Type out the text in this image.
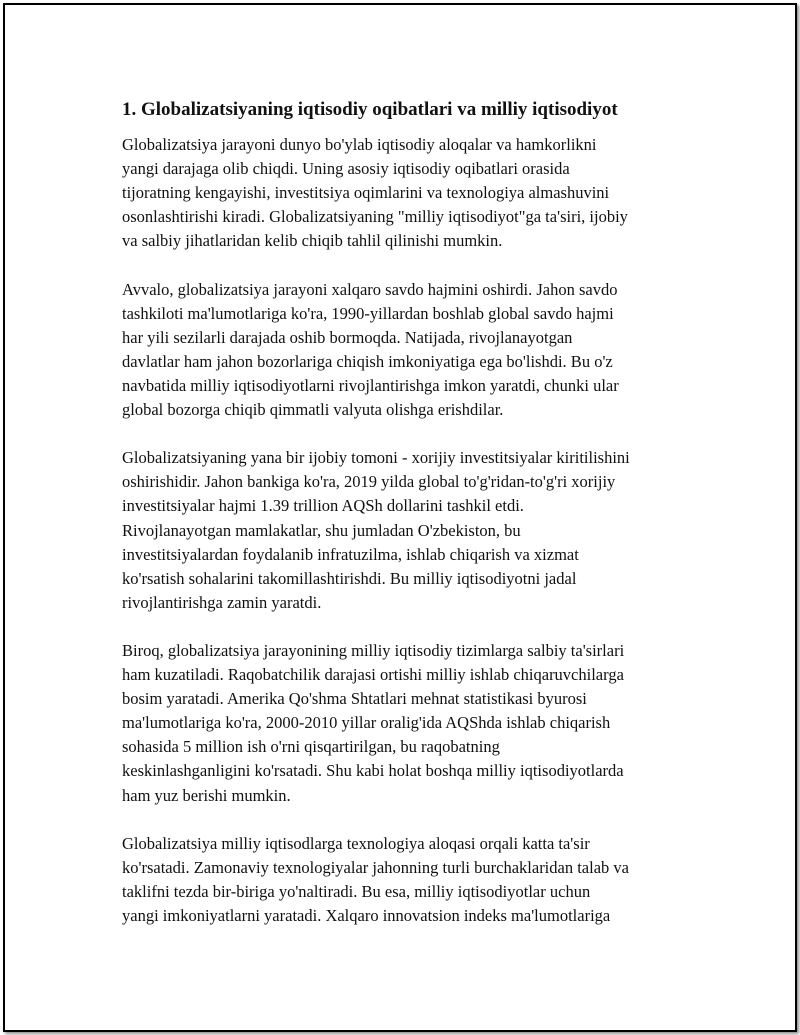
1. Globalizatsiyaning iqtisodiy oqibatlari va milliy iqtisodiyot
Globalizatsiya jarayoni dunyo bo'ylab iqtisodiy aloqalar va hamkorlikni
yangi darajaga olib chiqdi. Uning asosiy iqtisodiy oqibatlari orasida
tijoratning kengayishi, investitsiya oqimlarini va texnologiya almashuvini
osonlashtirishi kiradi. Globalizatsiyaning "milliy iqtisodiyot"ga ta'siri, ijobiy
va salbiy jihatlaridan kelib chiqib tahlil qilinishi mumkin.
Avvalo, globalizatsiya jarayoni xalqaro savdo hajmini oshirdi. Jahon savdo
tashkiloti ma'lumotlariga ko'ra, 1990-yillardan boshlab global savdo hajmi
har yili sezilarli darajada oshib bormoqda. Natijada, rivojlanayotgan
davlatlar ham jahon bozorlariga chiqish imkoniyatiga ega bo'lishdi. Bu o'z
navbatida milliy iqtisodiyotlarni rivojlantirishga imkon yaratdi, chunki ular
global bozorga chiqib qimmatli valyuta olishga erishdilar.
Globalizatsiyaning yana bir ijobiy tomoni - xorijiy investitsiyalar kiritilishini
oshirishidir. Jahon bankiga ko'ra, 2019 yilda global to'g'ridan-to'g'ri xorijiy
investitsiyalar hajmi 1.39 trillion AQSh dollarini tashkil etdi.
Rivojlanayotgan mamlakatlar, shu jumladan O'zbekiston, bu
investitsiyalardan foydalanib infratuzilma, ishlab chiqarish va xizmat
ko'rsatish sohalarini takomillashtirishdi. Bu milliy iqtisodiyotni jadal
rivojlantirishga zamin yaratdi.
Biroq, globalizatsiya jarayonining milliy iqtisodiy tizimlarga salbiy ta'sirlari
ham kuzatiladi. Raqobatchilik darajasi ortishi milliy ishlab chiqaruvchilarga
bosim yaratadi. Amerika Qo'shma Shtatlari mehnat statistikasi byurosi
ma'lumotlariga ko'ra, 2000-2010 yillar oralig'ida AQShda ishlab chiqarish
sohasida 5 million ish o'rni qisqartirilgan, bu raqobatning
keskinlashganligini ko'rsatadi. Shu kabi holat boshqa milliy iqtisodiyotlarda
ham yuz berishi mumkin.
Globalizatsiya milliy iqtisodlarga texnologiya aloqasi orqali katta ta'sir
ko'rsatadi. Zamonaviy texnologiyalar jahonning turli burchaklaridan talab va
taklifni tezda bir-biriga yo'naltiradi. Bu esa, milliy iqtisodiyotlar uchun
yangi imkoniyatlarni yaratadi. Xalqaro innovatsion indeks ma'lumotlariga
